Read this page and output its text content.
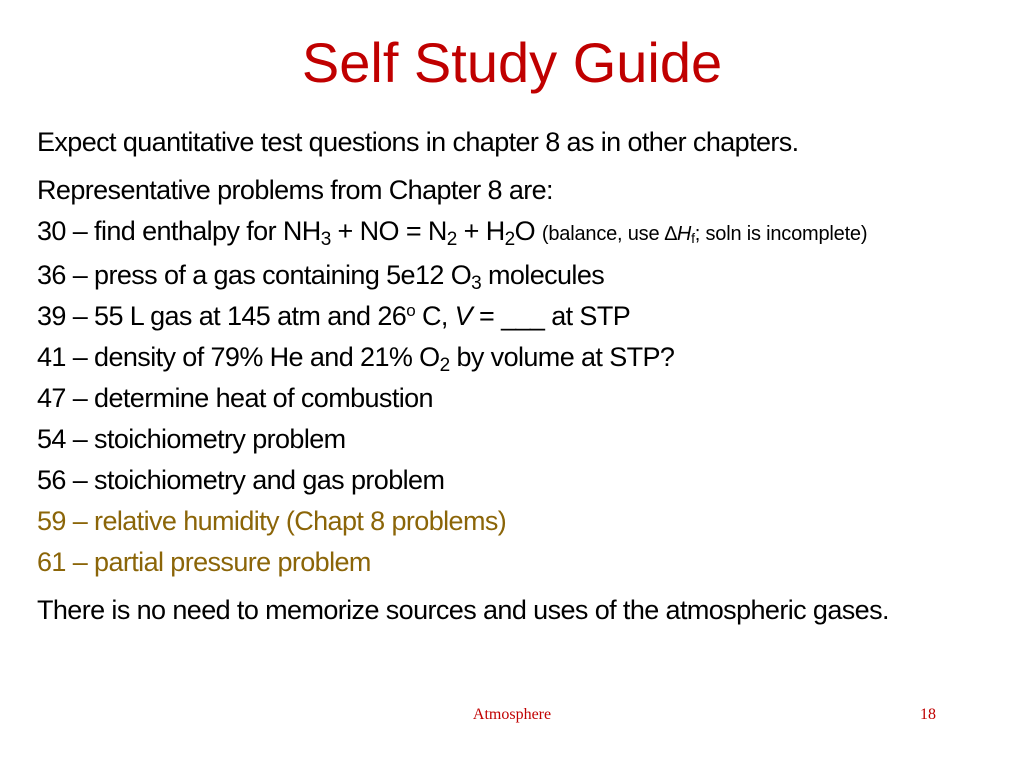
Self Study Guide

Expect quantitative test questions in chapter 8 as in other chapters.

Representative problems from Chapter 8 are:
30 – find enthalpy for $NH_3$ + NO = $N_2 + H_2O$ (balance, use $\Delta H_f$; soln is incomplete)
36 – press of a gas containing 5e12 $O_3$ molecules
39 – 55 L gas at 145 atm and 26$^o$ C, V = ___ at STP
41 – density of 79% He and 21% $O_2$ by volume at STP?
47 – determine heat of combustion
54 – stoichiometry problem
56 – stoichiometry and gas problem
59 – relative humidity (Chapt 8 problems)
61 – partial pressure problem

There is no need to memorize sources and uses of the atmospheric gases.

Atmosphere	18
